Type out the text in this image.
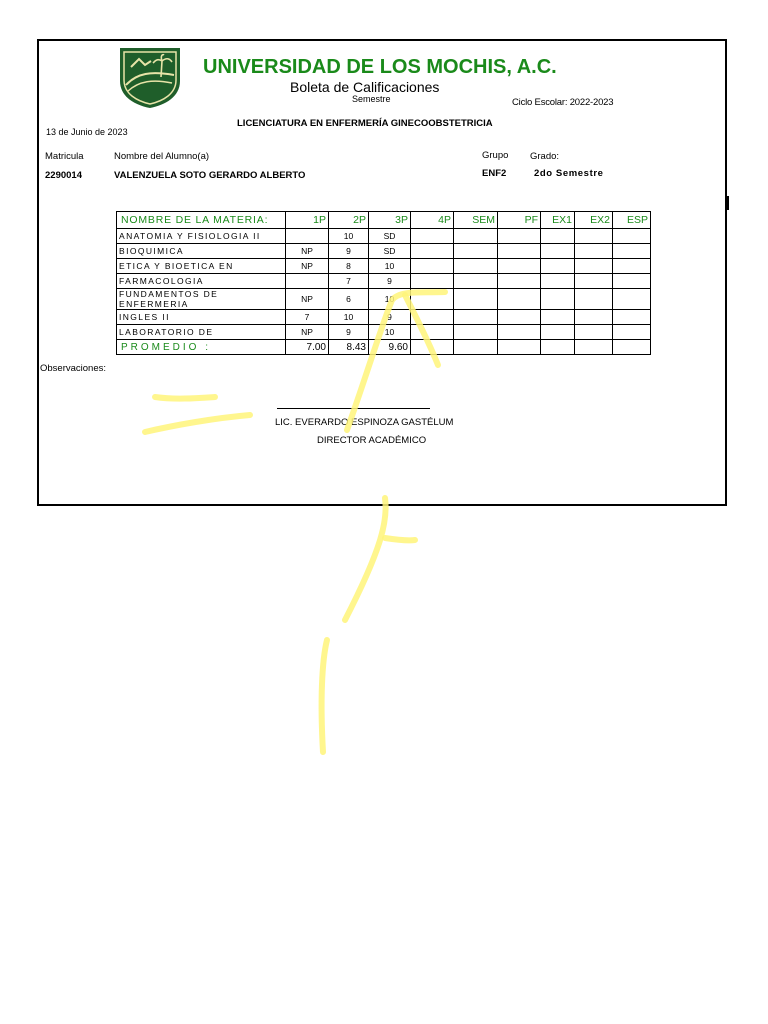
UNIVERSIDAD DE LOS MOCHIS, A.C.
Boleta de Calificaciones
Semestre	Ciclo Escolar: 2022-2023
LICENCIATURA EN ENFERMERÍA GINECOOBSTETRICIA
13 de Junio de 2023
Matricula	Nombre del Alumno(a)	Grupo Grado:
2290014	VALENZUELA SOTO GERARDO ALBERTO	ENF2	2do Semestre
NOMBRE DE LA MATERIA:	1P	2P	3P	4P	SEM	PF	EX1	EX2	ESP
ANATOMIA Y FISIOLOGIA II		10	SD						
BIOQUIMICA	NP	9	SD						
ETICA Y BIOETICA EN	NP	8	10						
FARMACOLOGIA		7	9						
FUNDAMENTOS DE ENFERMERIA	NP	6	10						
INGLES II	7	10	9						
LABORATORIO DE	NP	9	10						
PROMEDIO :	7.00	8.43	9.60						
Observaciones:
LIC. EVERARDO ESPINOZA GASTÉLUM
DIRECTOR ACADÉMICO
